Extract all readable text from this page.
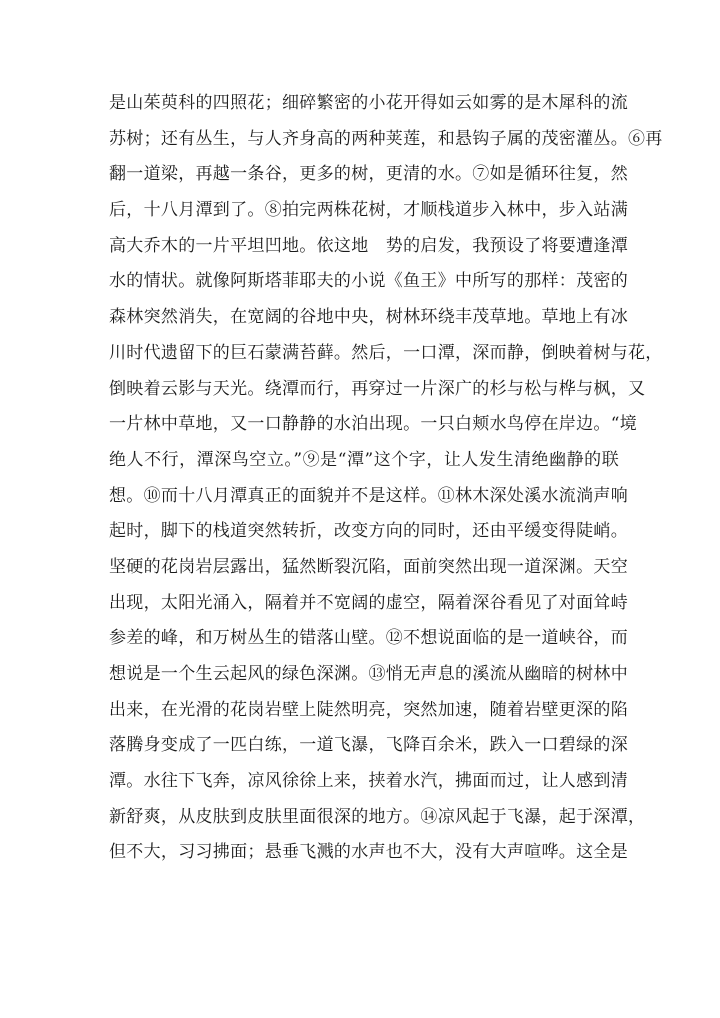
是山茱萸科的四照花；细碎繁密的小花开得如云如雾的是木犀科的流
苏树；还有丛生，与人齐身高的两种荚莲，和悬钩子属的茂密灌丛。⑥再
翻一道梁，再越一条谷，更多的树，更清的水。⑦如是循环往复，然
后，十八月潭到了。⑧拍完两株花树，才顺栈道步入林中，步入站满
高大乔木的一片平坦凹地。依这地　势的启发，我预设了将要遭逢潭
水的情状。就像阿斯塔菲耶夫的小说《鱼王》中所写的那样：茂密的
森林突然消失，在宽阔的谷地中央，树林环绕丰茂草地。草地上有冰
川时代遗留下的巨石蒙满苔藓。然后，一口潭，深而静，倒映着树与花，
倒映着云影与天光。绕潭而行，再穿过一片深广的杉与松与桦与枫，又
一片林中草地，又一口静静的水泊出现。一只白颊水鸟停在岸边。“境
绝人不行，潭深鸟空立。”⑨是“潭”这个字，让人发生清绝幽静的联
想。⑩而十八月潭真正的面貌并不是这样。⑪林木深处溪水流淌声响
起时，脚下的栈道突然转折，改变方向的同时，还由平缓变得陡峭。
坚硬的花岗岩层露出，猛然断裂沉陷，面前突然出现一道深渊。天空
出现，太阳光涌入，隔着并不宽阔的虚空，隔着深谷看见了对面耸峙
参差的峰，和万树丛生的错落山壁。⑫不想说面临的是一道峡谷，而
想说是一个生云起风的绿色深渊。⑬悄无声息的溪流从幽暗的树林中
出来，在光滑的花岗岩壁上陡然明亮，突然加速，随着岩壁更深的陷
落腾身变成了一匹白练，一道飞瀑，飞降百余米，跌入一口碧绿的深
潭。水往下飞奔，凉风徐徐上来，挟着水汽，拂面而过，让人感到清
新舒爽，从皮肤到皮肤里面很深的地方。⑭凉风起于飞瀑，起于深潭，
但不大，习习拂面；悬垂飞溅的水声也不大，没有大声喧哗。这全是
